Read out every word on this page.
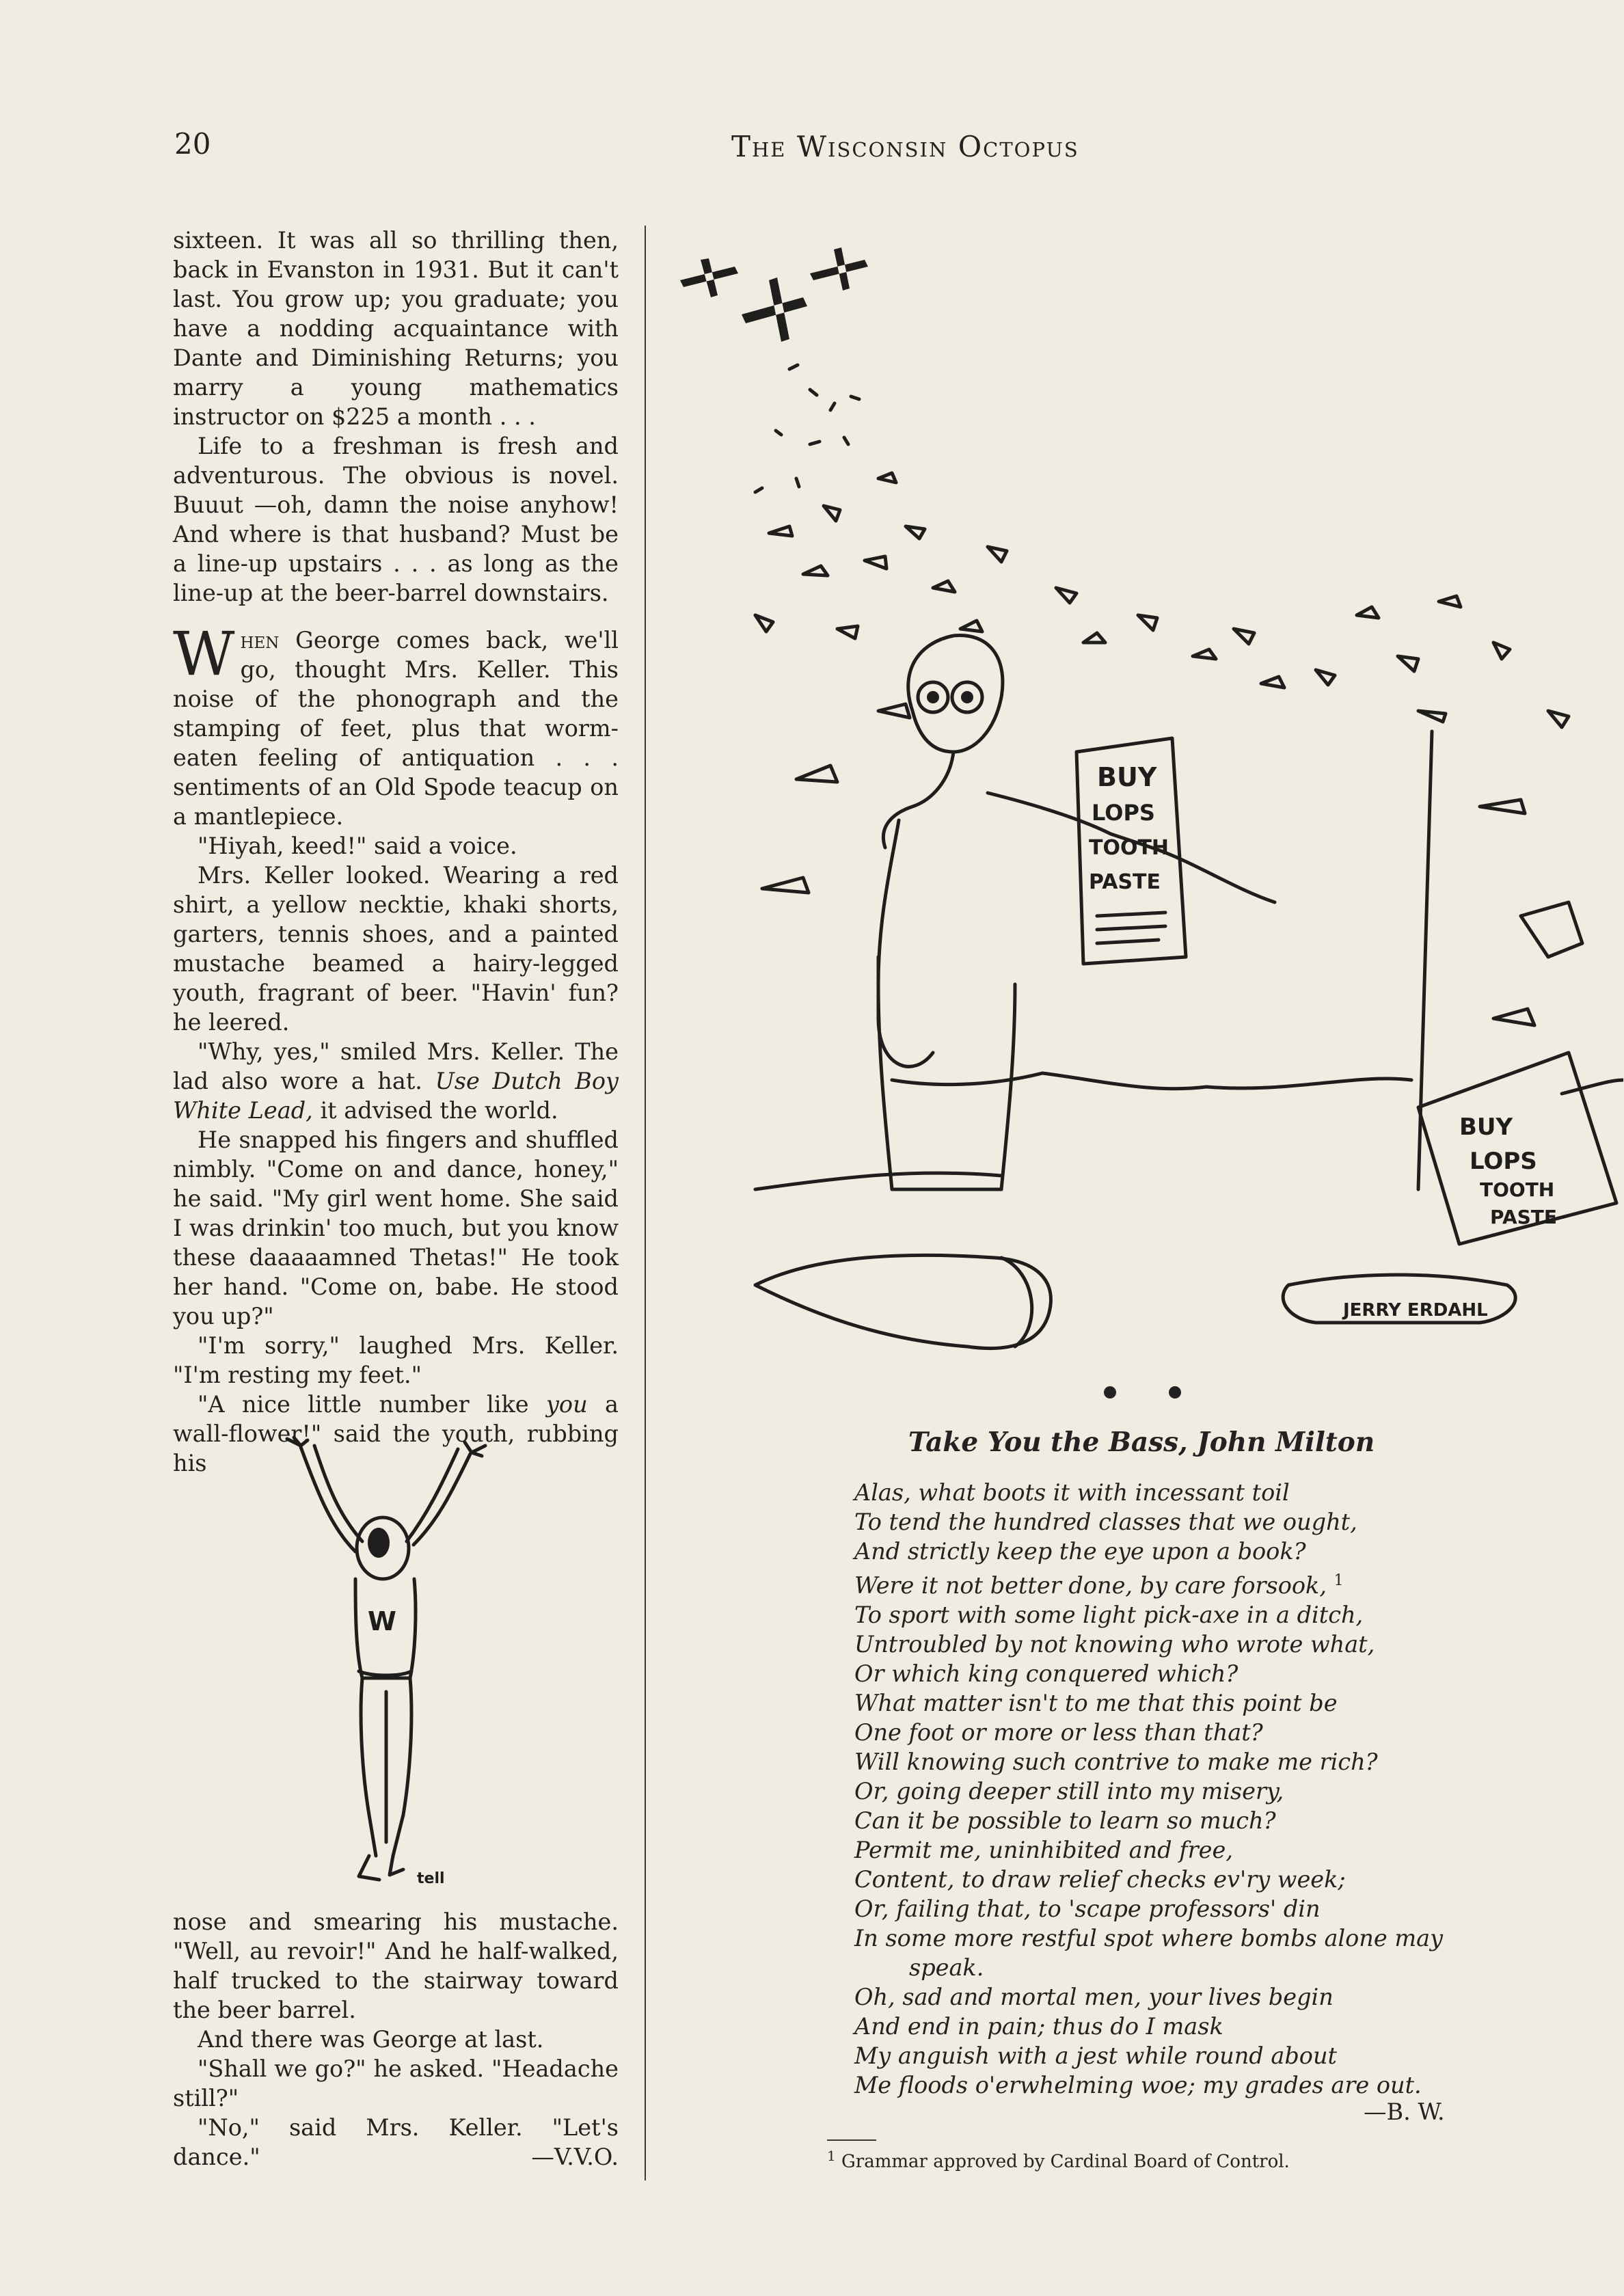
20	The Wisconsin Octopus

sixteen. It was all so thrilling then, back in Evanston in 1931. But it can't last. You grow up; you graduate; you have a nodding acquaintance with Dante and Diminishing Returns; you marry a young mathematics instructor on $225 a month . . .

Life to a freshman is fresh and adventurous. The obvious is novel. Buuut —oh, damn the noise anyhow! And where is that husband? Must be a line-up upstairs . . . as long as the line-up at the beer-barrel downstairs.

When George comes back, we'll go, thought Mrs. Keller. This noise of the phonograph and the stamping of feet, plus that worm-eaten feeling of antiquation . . . sentiments of an Old Spode teacup on a mantlepiece.

"Hiyah, keed!" said a voice.

Mrs. Keller looked. Wearing a red shirt, a yellow necktie, khaki shorts, garters, tennis shoes, and a painted mustache beamed a hairy-legged youth, fragrant of beer. "Havin' fun? he leered.

"Why, yes," smiled Mrs. Keller. The lad also wore a hat. Use Dutch Boy White Lead, it advised the world.

He snapped his fingers and shuffled nimbly. "Come on and dance, honey," he said. "My girl went home. She said I was drinkin' too much, but you know these daaaaamned Thetas!" He took her hand. "Come on, babe. He stood you up?"

"I'm sorry," laughed Mrs. Keller. "I'm resting my feet."

"A nice little number like you a wall-flower!" said the youth, rubbing his

W
tell

nose and smearing his mustache. "Well, au revoir!" And he half-walked, half trucked to the stairway toward the beer barrel.

And there was George at last.

"Shall we go?" he asked. "Headache still?"

"No," said Mrs. Keller. "Let's dance."	—V.V.O.

BUY
LOPS
TOOTH
PASTE
BUY
LOPS
TOOTH
PASTE
JERRY ERDAHL
Take You the Bass, John Milton
Alas, what boots it with incessant toil
To tend the hundred classes that we ought,
And strictly keep the eye upon a book?
Were it not better done, by care forsook, $^1$
To sport with some light pick-axe in a ditch,
Untroubled by not knowing who wrote what,
Or which king conquered which?
What matter isn't to me that this point be
One foot or more or less than that?
Will knowing such contrive to make me rich?
Or, going deeper still into my misery,
Can it be possible to learn so much?
Permit me, uninhibited and free,
Content, to draw relief checks ev'ry week;
Or, failing that, to 'scape professors' din
In some more restful spot where bombs alone may
speak.
Oh, sad and mortal men, your lives begin
And end in pain; thus do I mask
My anguish with a jest while round about
Me floods o'erwhelming woe; my grades are out.
—B. W.
$^1$ Grammar approved by Cardinal Board of Control.
